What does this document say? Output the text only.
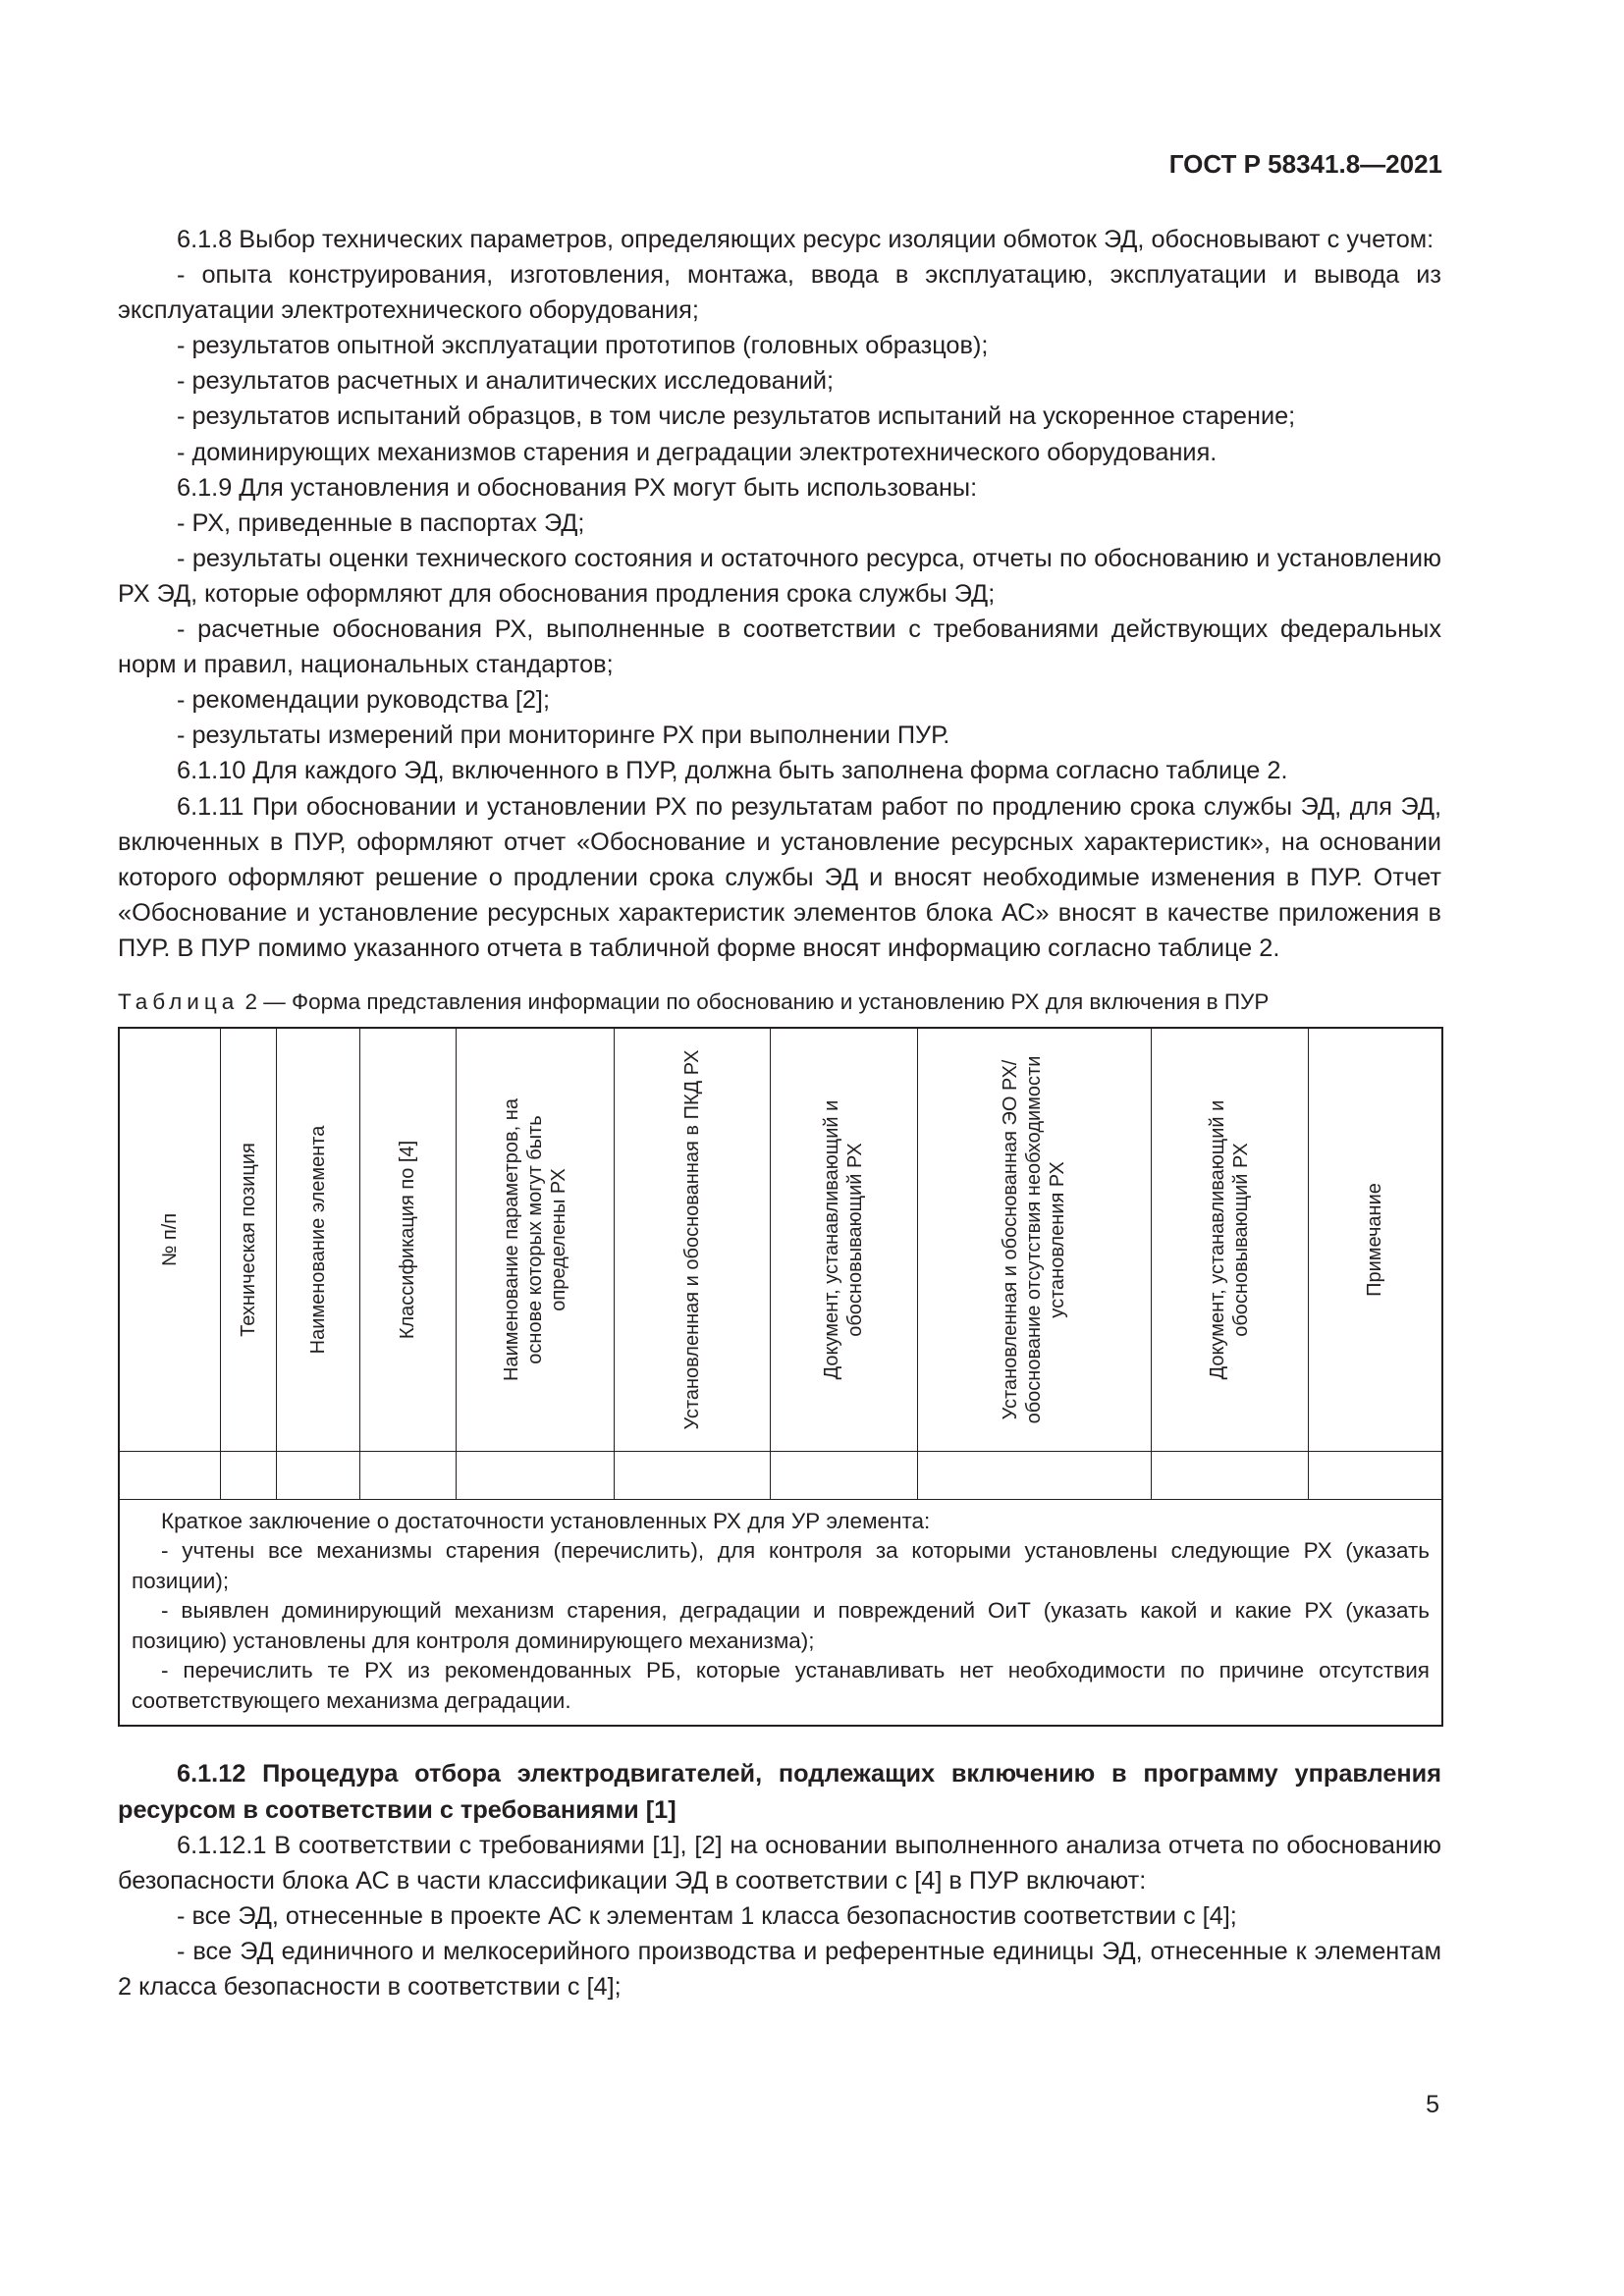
ГОСТ Р 58341.8—2021

6.1.8 Выбор технических параметров, определяющих ресурс изоляции обмоток ЭД, обосновывают с учетом:

- опыта конструирования, изготовления, монтажа, ввода в эксплуатацию, эксплуатации и вывода из эксплуатации электротехнического оборудования;

- результатов опытной эксплуатации прототипов (головных образцов);

- результатов расчетных и аналитических исследований;

- результатов испытаний образцов, в том числе результатов испытаний на ускоренное старение;

- доминирующих механизмов старения и деградации электротехнического оборудования.

6.1.9 Для установления и обоснования РХ могут быть использованы:

- РХ, приведенные в паспортах ЭД;

- результаты оценки технического состояния и остаточного ресурса, отчеты по обоснованию и установлению РХ ЭД, которые оформляют для обоснования продления срока службы ЭД;

- расчетные обоснования РХ, выполненные в соответствии с требованиями действующих федеральных норм и правил, национальных стандартов;

- рекомендации руководства [2];

- результаты измерений при мониторинге РХ при выполнении ПУР.

6.1.10 Для каждого ЭД, включенного в ПУР, должна быть заполнена форма согласно таблице 2.

6.1.11 При обосновании и установлении РХ по результатам работ по продлению срока службы ЭД, для ЭД, включенных в ПУР, оформляют отчет «Обоснование и установление ресурсных характеристик», на основании которого оформляют решение о продлении срока службы ЭД и вносят необходимые изменения в ПУР. Отчет «Обоснование и установление ресурсных характеристик элементов блока АС» вносят в качестве приложения в ПУР. В ПУР помимо указанного отчета в табличной форме вносят информацию согласно таблице 2.

Таблица 2 — Форма представления информации по обоснованию и установлению РХ для включения в ПУР
№ п/п	Техническая позиция	Наименование элемента	Классификация по [4]	Наименование параметров, на основе которых могут быть определены РХ	Установленная и обоснованная в ПКД РХ	Документ, устанавливающий и обосновывающий РХ	Установленная и обоснованная ЭО РХ/обоснование отсутствия необходимости установления РХ	Документ, устанавливающий и обосновывающий РХ	Примечание

Краткое заключение о достаточности установленных РХ для УР элемента:
- учтены все механизмы старения (перечислить), для контроля за которыми установлены следующие РХ (указать позиции);
- выявлен доминирующий механизм старения, деградации и повреждений ОиТ (указать какой и какие РХ (указать позицию) установлены для контроля доминирующего механизма);
- перечислить те РХ из рекомендованных РБ, которые устанавливать нет необходимости по причине отсутствия соответствующего механизма деградации.									

6.1.12 Процедура отбора электродвигателей, подлежащих включению в программу управления ресурсом в соответствии с требованиями [1]

6.1.12.1 В соответствии с требованиями [1], [2] на основании выполненного анализа отчета по обоснованию безопасности блока АС в части классификации ЭД в соответствии с [4] в ПУР включают:

- все ЭД, отнесенные в проекте АС к элементам 1 класса безопасностив соответствии с [4];

- все ЭД единичного и мелкосерийного производства и референтные единицы ЭД, отнесенные к элементам 2 класса безопасности в соответствии с [4];

5
